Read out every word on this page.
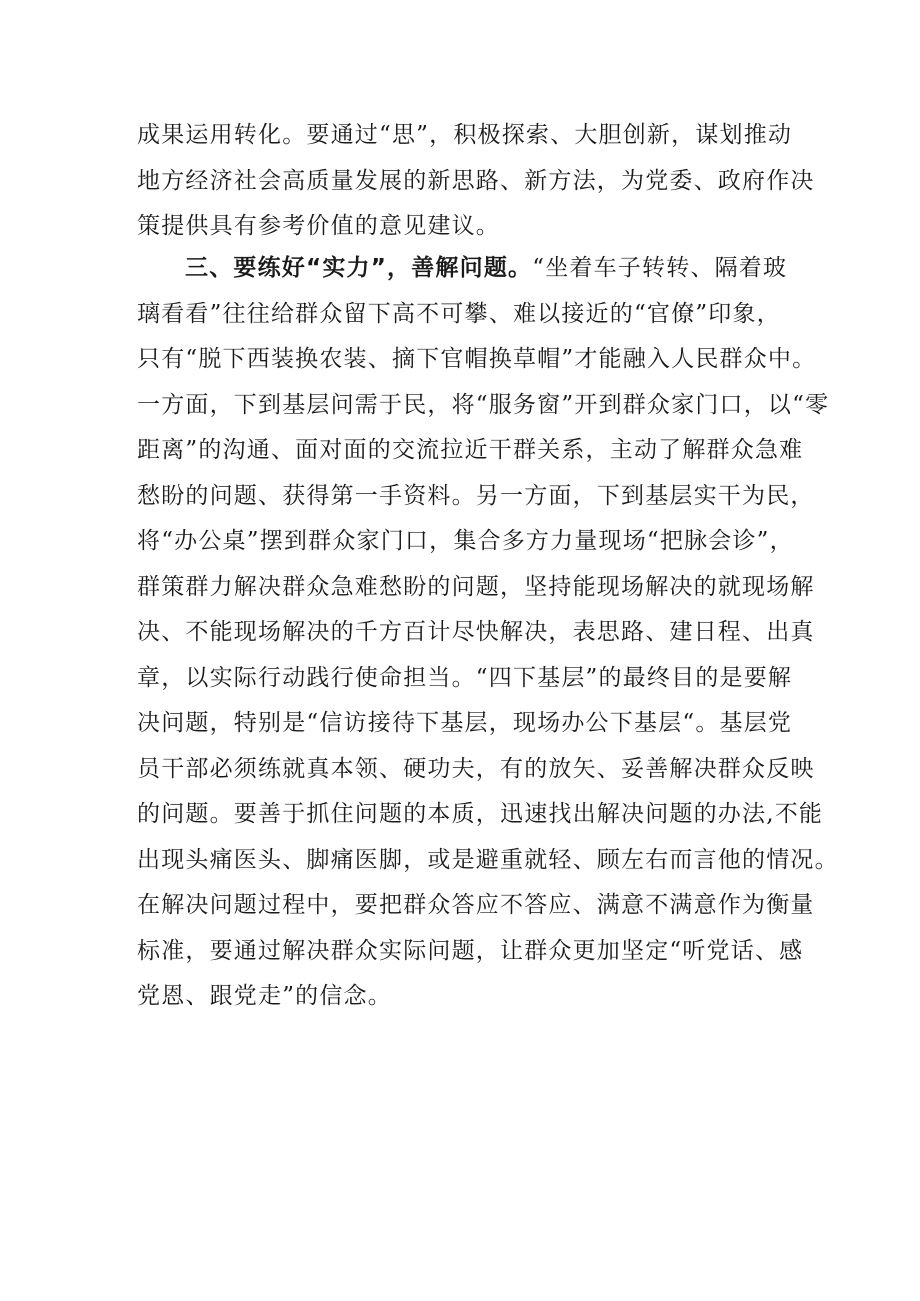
成果运用转化。要通过“思”，积极探索、大胆创新，谋划推动
地方经济社会高质量发展的新思路、新方法，为党委、政府作决
策提供具有参考价值的意见建议。
三、要练好“实力”，善解问题。“坐着车子转转、隔着玻
璃看看”往往给群众留下高不可攀、难以接近的“官僚”印象，
只有“脱下西装换农装、摘下官帽换草帽”才能融入人民群众中。
一方面，下到基层问需于民，将“服务窗”开到群众家门口，以“零
距离”的沟通、面对面的交流拉近干群关系，主动了解群众急难
愁盼的问题、获得第一手资料。另一方面，下到基层实干为民，
将“办公桌”摆到群众家门口，集合多方力量现场“把脉会诊”，
群策群力解决群众急难愁盼的问题，坚持能现场解决的就现场解
决、不能现场解决的千方百计尽快解决，表思路、建日程、出真
章，以实际行动践行使命担当。“四下基层”的最终目的是要解
决问题，特别是“信访接待下基层，现场办公下基层“。基层党
员干部必须练就真本领、硬功夫，有的放矢、妥善解决群众反映
的问题。要善于抓住问题的本质，迅速找出解决问题的办法,不能
出现头痛医头、脚痛医脚，或是避重就轻、顾左右而言他的情况。
在解决问题过程中，要把群众答应不答应、满意不满意作为衡量
标准，要通过解决群众实际问题，让群众更加坚定“听党话、感
党恩、跟党走”的信念。
